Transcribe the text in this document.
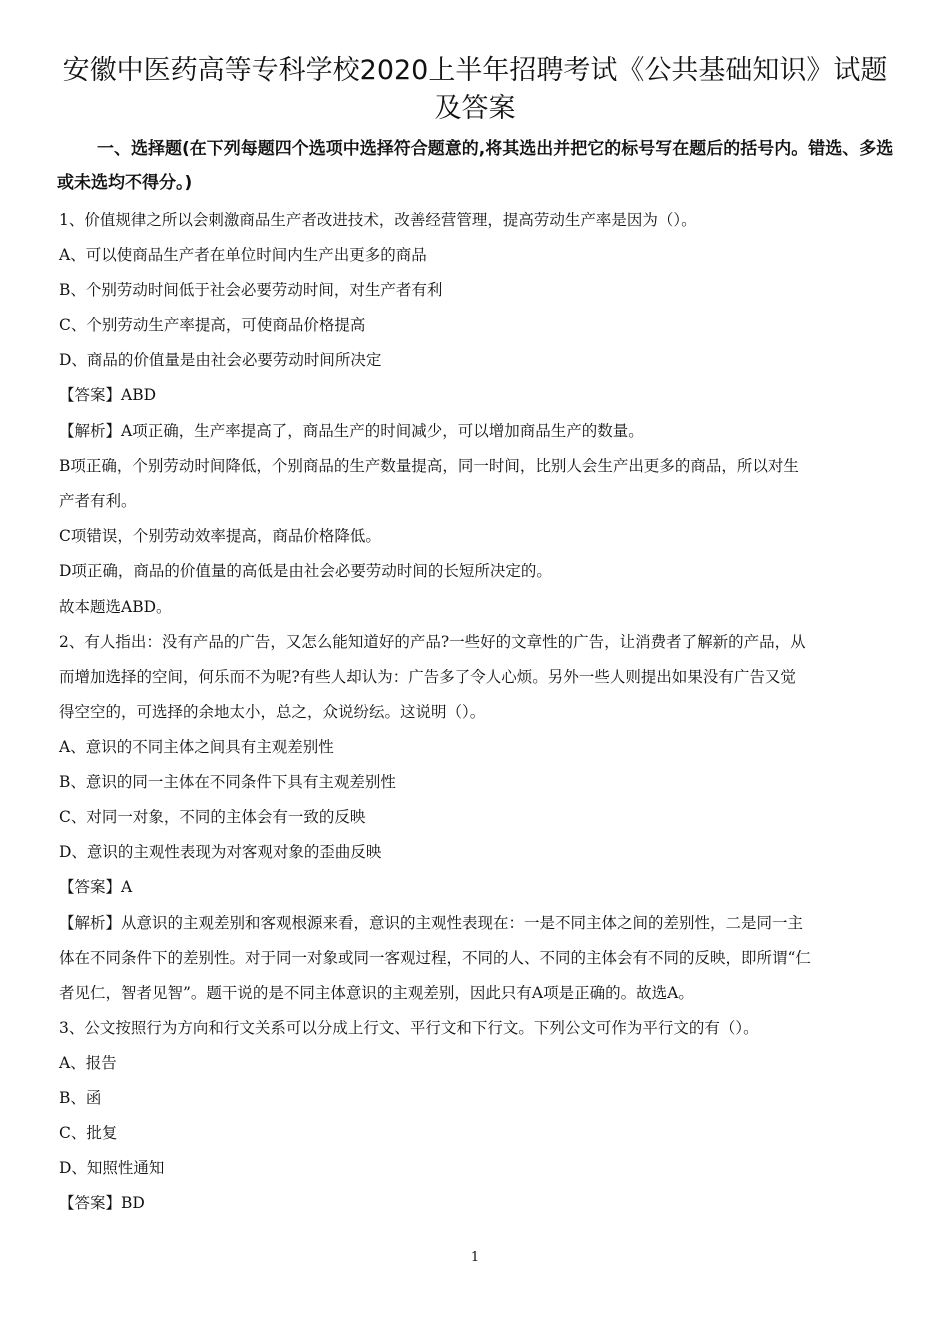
安徽中医药高等专科学校2020上半年招聘考试《公共基础知识》试题及答案
一、选择题(在下列每题四个选项中选择符合题意的,将其选出并把它的标号写在题后的括号内。错选、多选或未选均不得分。)
1、价值规律之所以会刺激商品生产者改进技术，改善经营管理，提高劳动生产率是因为（）。
A、可以使商品生产者在单位时间内生产出更多的商品
B、个别劳动时间低于社会必要劳动时间，对生产者有利
C、个别劳动生产率提高，可使商品价格提高
D、商品的价值量是由社会必要劳动时间所决定
【答案】ABD
【解析】A项正确，生产率提高了，商品生产的时间减少，可以增加商品生产的数量。
B项正确，个别劳动时间降低，个别商品的生产数量提高，同一时间，比别人会生产出更多的商品，所以对生
产者有利。
C项错误，个别劳动效率提高，商品价格降低。
D项正确，商品的价值量的高低是由社会必要劳动时间的长短所决定的。
故本题选ABD。
2、有人指出：没有产品的广告，又怎么能知道好的产品?一些好的文章性的广告，让消费者了解新的产品，从
而增加选择的空间，何乐而不为呢?有些人却认为：广告多了令人心烦。另外一些人则提出如果没有广告又觉
得空空的，可选择的余地太小，总之，众说纷纭。这说明（）。
A、意识的不同主体之间具有主观差别性
B、意识的同一主体在不同条件下具有主观差别性
C、对同一对象，不同的主体会有一致的反映
D、意识的主观性表现为对客观对象的歪曲反映
【答案】A
【解析】从意识的主观差别和客观根源来看，意识的主观性表现在：一是不同主体之间的差别性，二是同一主
体在不同条件下的差别性。对于同一对象或同一客观过程，不同的人、不同的主体会有不同的反映，即所谓“仁
者见仁，智者见智”。题干说的是不同主体意识的主观差别，因此只有A项是正确的。故选A。
3、公文按照行为方向和行文关系可以分成上行文、平行文和下行文。下列公文可作为平行文的有（）。
A、报告
B、函
C、批复
D、知照性通知
【答案】BD
1
